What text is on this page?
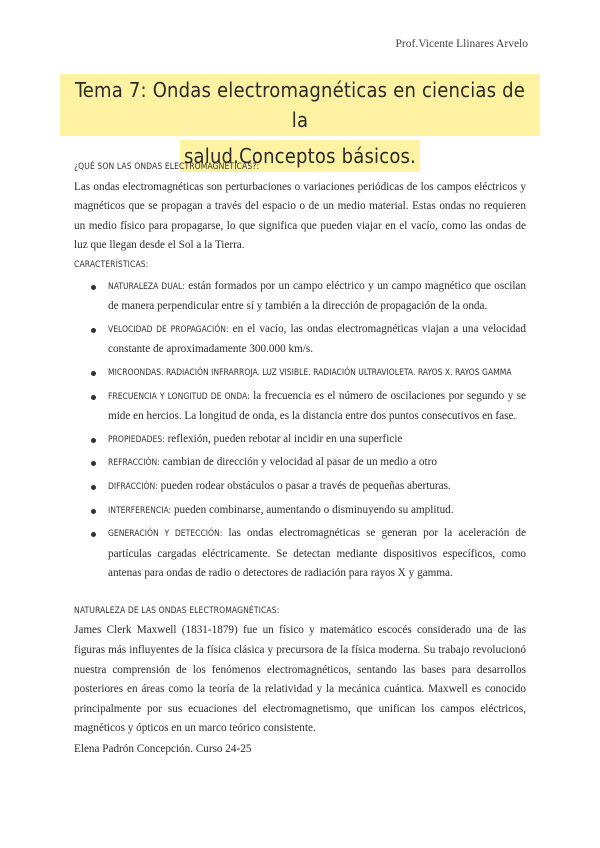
Prof.Vicente Llinares Arvelo
Tema 7: Ondas electromagnéticas en ciencias de la
salud.Conceptos básicos.
¿QUÉ SON LAS ONDAS ELECTROMAGNÉTICAS?:

Las ondas electromagnéticas son perturbaciones o variaciones periódicas de los campos eléctricos y magnéticos que se propagan a través del espacio o de un medio material. Estas ondas no requieren un medio físico para propagarse, lo que significa que pueden viajar en el vacío, como las ondas de luz que llegan desde el Sol a la Tierra.

CARACTERÍSTICAS:
NATURALEZA DUAL: están formados por un campo eléctrico y un campo magnético que oscilan de manera perpendicular entre sí y también a la dirección de propagación de la onda.
VELOCIDAD DE PROPAGACIÓN: en el vacío, las ondas electromagnéticas viajan a una velocidad constante de aproximadamente 300.000 km/s.
MICROONDAS. RADIACIÓN INFRARROJA. LUZ VISIBLE. RADIACIÓN ULTRAVIOLETA. RAYOS X. RAYOS GAMMA
FRECUENCIA Y LONGITUD DE ONDA: la frecuencia es el número de oscilaciones por segundo y se mide en hercios. La longitud de onda, es la distancia entre dos puntos consecutivos en fase.
PROPIEDADES: reflexión, pueden rebotar al incidir en una superficie
REFRACCIÓN: cambian de dirección y velocidad al pasar de un medio a otro
DIFRACCIÓN: pueden rodear obstáculos o pasar a través de pequeñas aberturas.
INTERFERENCIA: pueden combinarse, aumentando o disminuyendo su amplitud.
GENERACIÓN Y DETECCIÓN: las ondas electromagnéticas se generan por la aceleración de partículas cargadas eléctricamente. Se detectan mediante dispositivos específicos, como antenas para ondas de radio o detectores de radiación para rayos X y gamma.
NATURALEZA DE LAS ONDAS ELECTROMAGNÉTICAS:

James Clerk Maxwell (1831-1879) fue un físico y matemático escocés considerado una de las figuras más influyentes de la física clásica y precursora de la física moderna. Su trabajo revolucionó nuestra comprensión de los fenómenos electromagnéticos, sentando las bases para desarrollos posteriores en áreas como la teoría de la relatividad y la mecánica cuántica. Maxwell es conocido principalmente por sus ecuaciones del electromagnetismo, que unifican los campos eléctricos, magnéticos y ópticos en un marco teórico consistente.

Elena Padrón Concepción. Curso 24-25
